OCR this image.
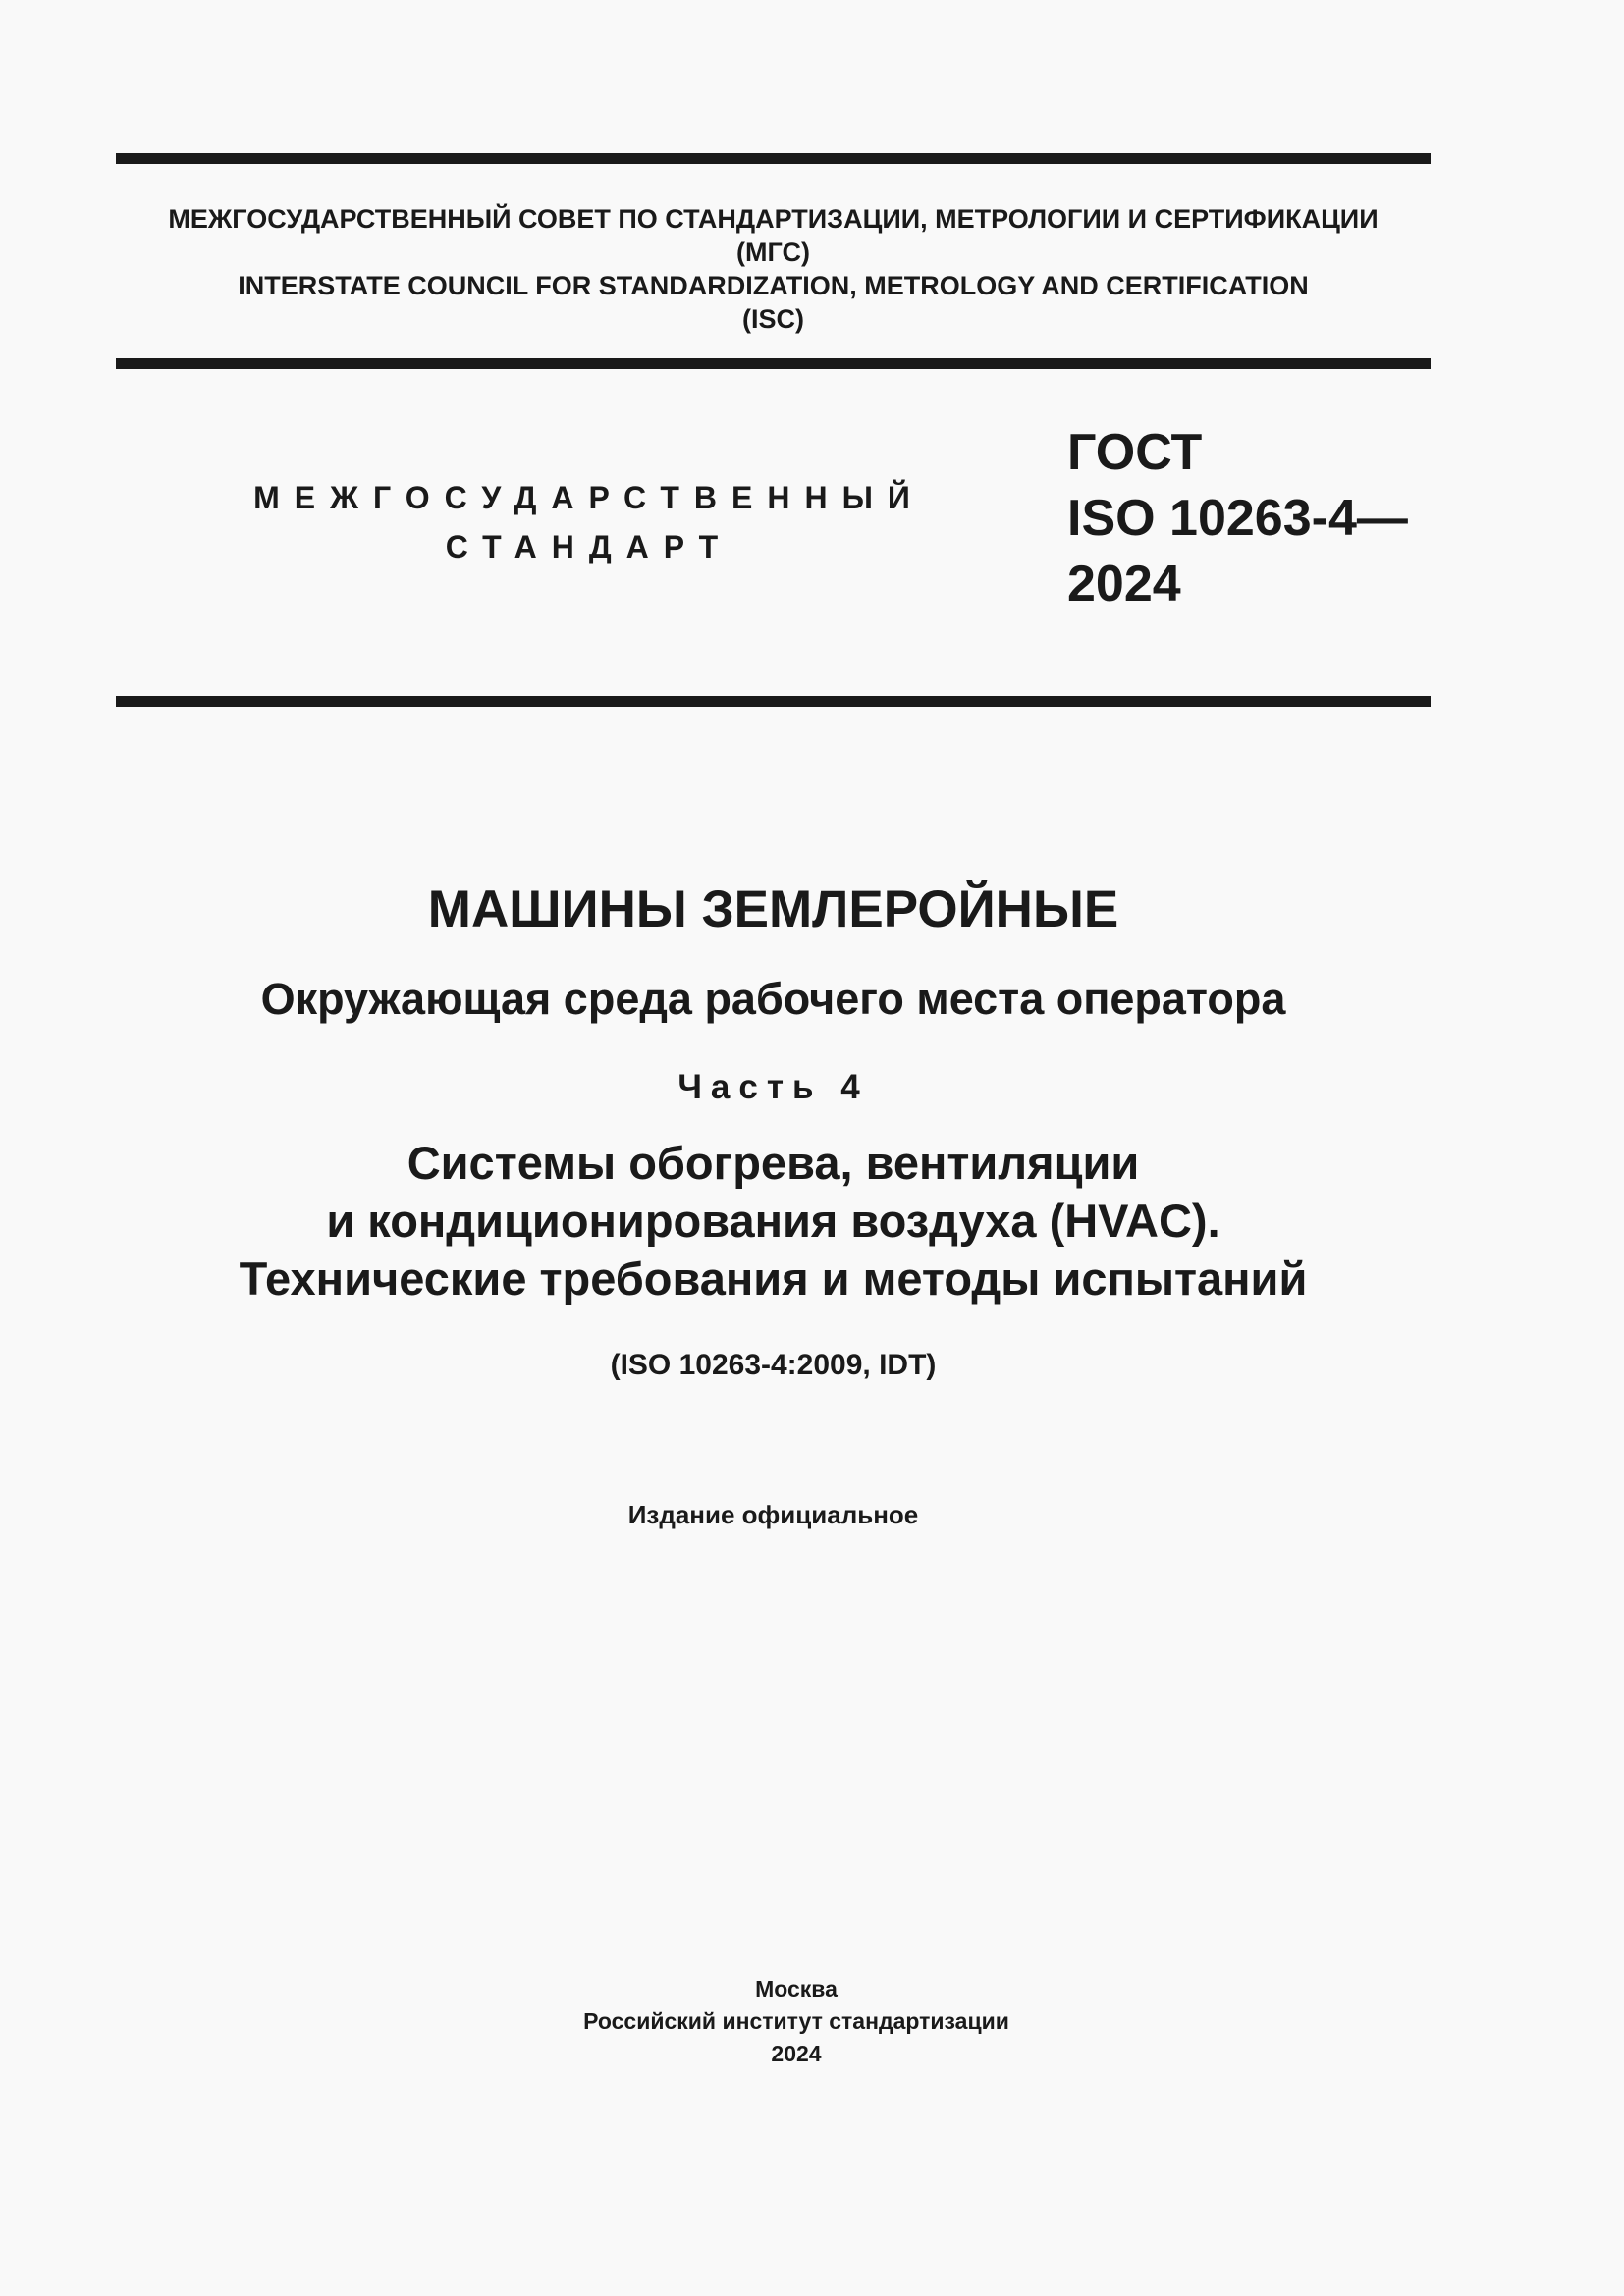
МЕЖГОСУДАРСТВЕННЫЙ СОВЕТ ПО СТАНДАРТИЗАЦИИ, МЕТРОЛОГИИ И СЕРТИФИКАЦИИ
(МГС)
INTERSTATE COUNCIL FOR STANDARDIZATION, METROLOGY AND CERTIFICATION
(ISC)
МЕЖГОСУДАРСТВЕННЫЙ
СТАНДАРТ
ГОСТ
ISO 10263-4—
2024
МАШИНЫ ЗЕМЛЕРОЙНЫЕ
Окружающая среда рабочего места оператора
Часть 4
Системы обогрева, вентиляции
и кондиционирования воздуха (HVAC).
Технические требования и методы испытаний
(ISO 10263-4:2009, IDT)
Издание официальное
Москва
Российский институт стандартизации
2024
